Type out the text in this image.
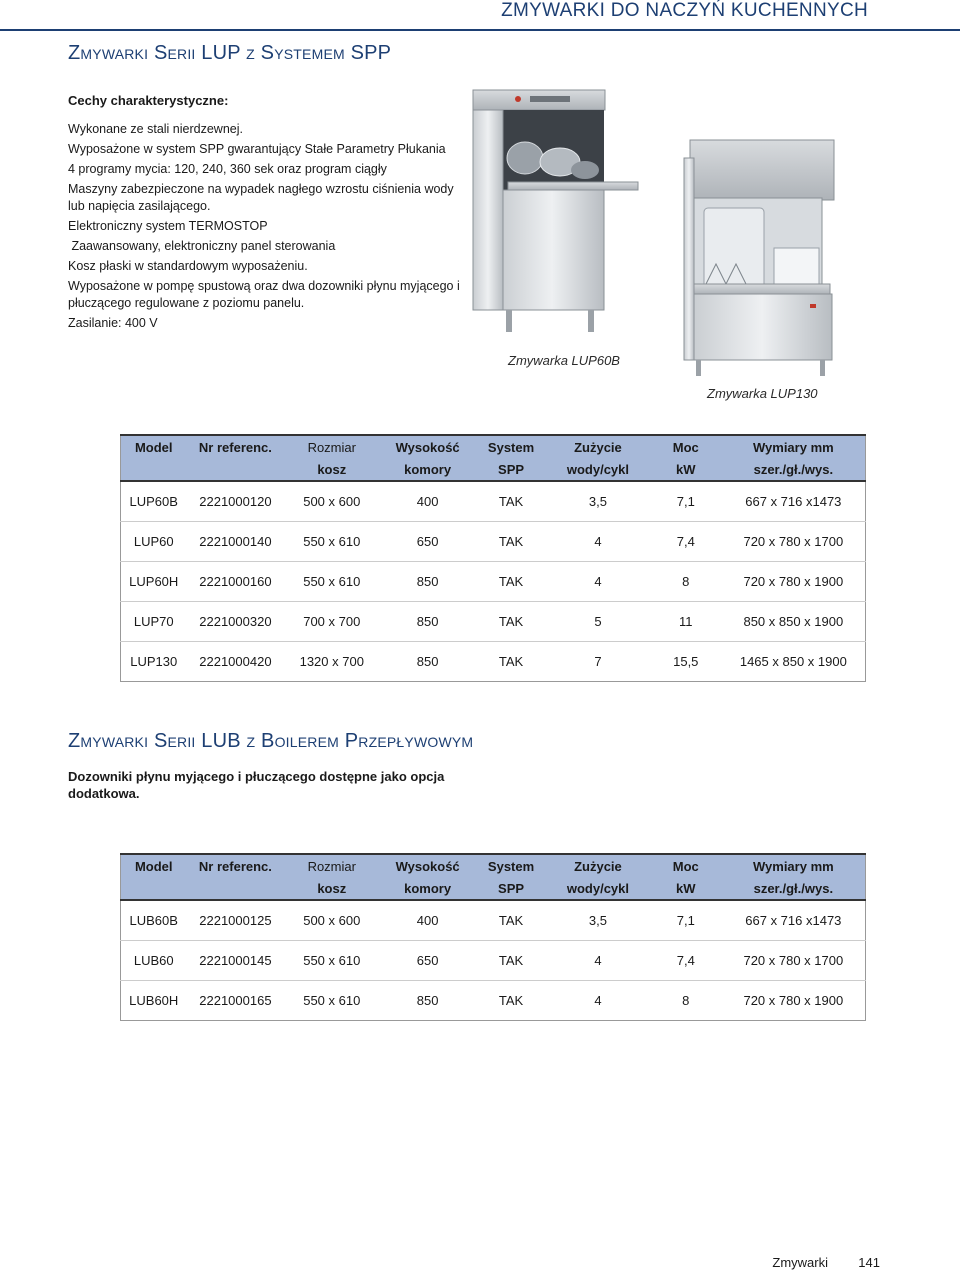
ZMYWARKI DO NACZYŃ KUCHENNYCH
Zmywarki Serii LUP z Systemem SPP
Cechy charakterystyczne:
Wykonane ze stali nierdzewnej.
Wyposażone w system SPP gwarantujący Stałe Parametry Płukania
4 programy mycia: 120, 240, 360 sek oraz program ciągły
Maszyny zabezpieczone na wypadek nagłego wzrostu ciśnienia wody lub napięcia zasilającego.
Elektroniczny system TERMOSTOP
Zaawansowany, elektroniczny panel sterowania
Kosz płaski w standardowym wyposażeniu.
Wyposażone w pompę spustową oraz dwa dozowniki płynu myjącego i płuczącego regulowane z poziomu panelu.
Zasilanie: 400 V
Zmywarka LUP60B
Zmywarka LUP130
Model	Nr referenc.	Rozmiar	Wysokość	System	Zużycie	Moc	Wymiary mm
		kosz	komory	SPP	wody/cykl	kW	szer./gł./wys.
LUP60B	2221000120	500 x 600	400	TAK	3,5	7,1	667 x 716 x1473
LUP60	2221000140	550 x 610	650	TAK	4	7,4	720 x 780 x 1700
LUP60H	2221000160	550 x 610	850	TAK	4	8	720 x 780 x 1900
LUP70	2221000320	700 x 700	850	TAK	5	11	850 x 850 x 1900
LUP130	2221000420	1320 x 700	850	TAK	7	15,5	1465 x 850 x 1900
Zmywarki Serii LUB z Boilerem Przepływowym
Dozowniki płynu myjącego i płuczącego dostępne jako opcja dodatkowa.
Model	Nr referenc.	Rozmiar	Wysokość	System	Zużycie	Moc	Wymiary mm
		kosz	komory	SPP	wody/cykl	kW	szer./gł./wys.
LUB60B	2221000125	500 x 600	400	TAK	3,5	7,1	667 x 716 x1473
LUB60	2221000145	550 x 610	650	TAK	4	7,4	720 x 780 x 1700
LUB60H	2221000165	550 x 610	850	TAK	4	8	720 x 780 x 1900
Zmywarki 141
